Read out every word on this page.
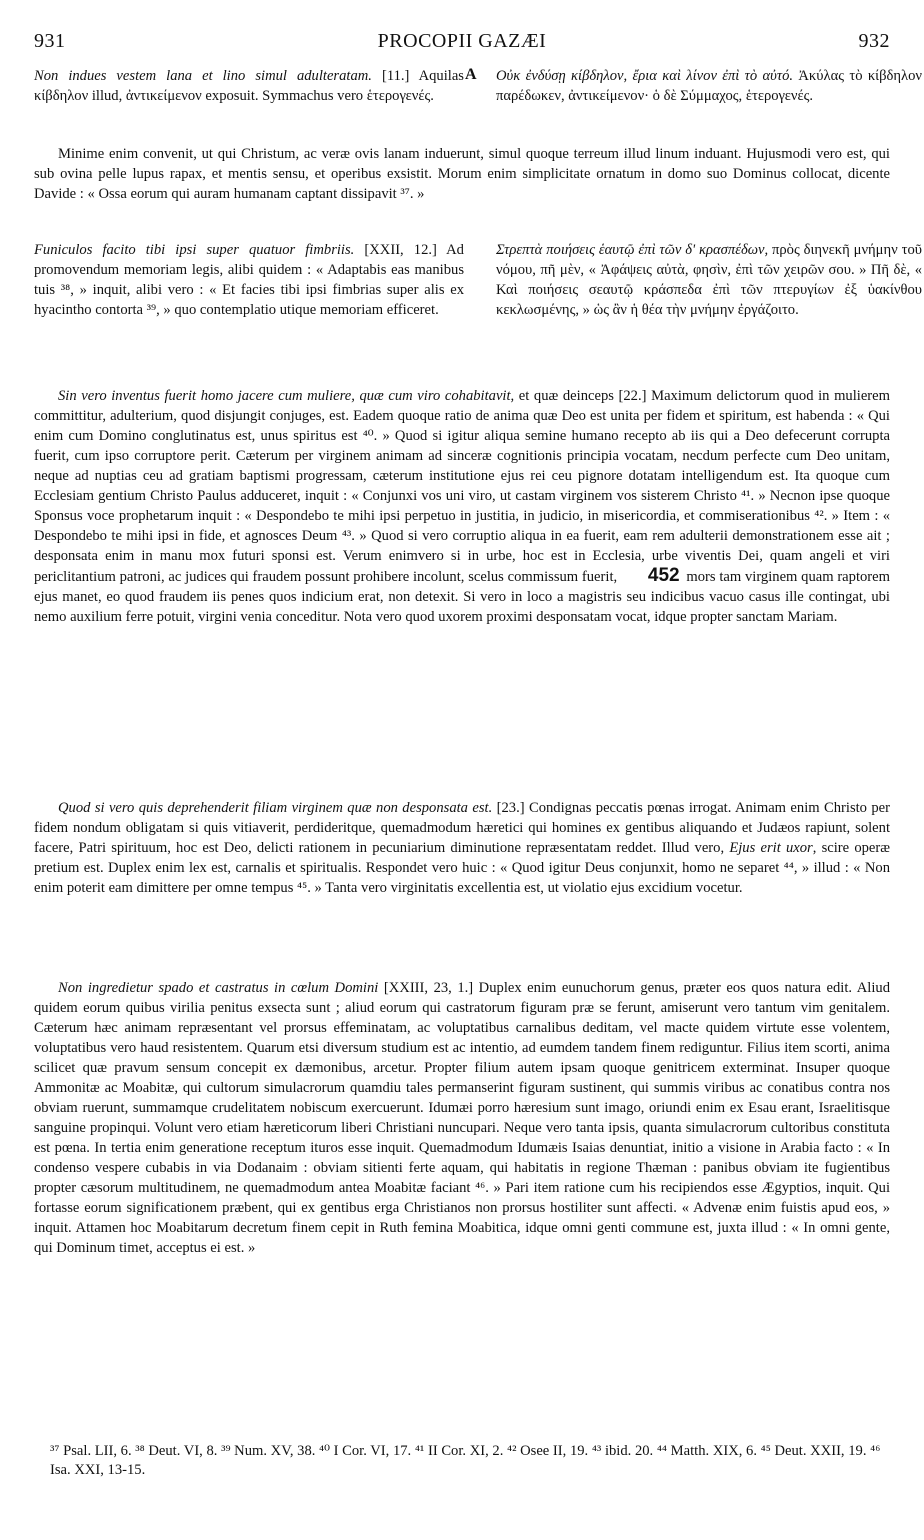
931	PROCOPII GAZÆI	932
Non indues vestem lana et lino simul adulteratam. [11.] Aquilas κίβδηλον illud, ἀντικείμενον exposuit. Symmachus vero ἑτερογενές.
A Οὐκ ἐνδύσῃ κίβδηλον, ἔρια καὶ λίνον ἐπὶ τὸ αὐτό. Ἀκύλας τὸ κίβδηλον παρέδωκεν, ἀντικείμενον· ὁ δὲ Σύμμαχος, ἑτερογενές.
Minime enim convenit, ut qui Christum, ac veræ ovis lanam induerunt, simul quoque terreum illud linum induant. Hujusmodi vero est, qui sub ovina pelle lupus rapax, et mentis sensu, et operibus exsistit. Morum enim simplicitate ornatum in domo suo Dominus collocat, dicente Davide : « Ossa eorum qui auram humanam captant dissipavit ³⁷. »
Funiculos facito tibi ipsi super quatuor fimbriis. [XXII, 12.] Ad promovendum memoriam legis, alibi quidem : « Adaptabis eas manibus tuis ³⁸, » inquit, alibi vero : « Et facies tibi ipsi fimbrias super alis ex hyacintho contorta ³⁹, » quo contemplatio utique memoriam efficeret.
Στρεπτὰ ποιήσεις ἑαυτῷ ἐπὶ τῶν δ' κρασπέδων, πρὸς διηνεκῆ μνήμην τοῦ νόμου, πῆ μὲν, « Ἀφάψεις αὐτὰ, φησὶν, ἐπὶ τῶν χειρῶν σου. » Πῆ δὲ, « Καὶ ποιήσεις σεαυτῷ κράσπεδα ἐπὶ τῶν πτερυγίων ἐξ ὑακίνθου κεκλωσμένης, » ὡς ἂν ἡ θέα τὴν μνήμην ἐργάζοιτο.
Sin vero inventus fuerit homo jacere cum muliere, quæ cum viro cohabitavit, et quæ deinceps [22.] Maximum delictorum quod in mulierem committitur, adulterium, quod disjungit conjuges, est. Eadem quoque ratio de anima quæ Deo est unita per fidem et spiritum, est habenda : « Qui enim cum Domino conglutinatus est, unus spiritus est ⁴⁰. » Quod si igitur aliqua semine humano recepto ab iis qui a Deo defecerunt corrupta fuerit, cum ipso corruptore perit. Cæterum per virginem animam ad sinceræ cognitionis principia vocatam, necdum perfecte cum Deo unitam, neque ad nuptias ceu ad gratiam baptismi progressam, cæterum institutione ejus rei ceu pignore dotatam intelligendum est. Ita quoque cum Ecclesiam gentium Christo Paulus adduceret, inquit : « Conjunxi vos uni viro, ut castam virginem vos sisterem Christo ⁴¹. » Necnon ipse quoque Sponsus voce prophetarum inquit : « Despondebo te mihi ipsi perpetuo in justitia, in judicio, in misericordia, et commiserationibus ⁴². » Item : « Despondebo te mihi ipsi in fide, et agnosces Deum ⁴³. » Quod si vero corruptio aliqua in ea fuerit, eam rem adulterii demonstrationem esse ait ; desponsata enim in manu mox futuri sponsi est. Verum enimvero si in urbe, hoc est in Ecclesia, urbe viventis Dei, quam angeli et viri periclitantium patroni, ac judices qui fraudem possunt prohibere incolunt, scelus commissum fuerit, 452 mors tam virginem quam raptorem ejus manet, eo quod fraudem iis penes quos indicium erat, non detexit. Si vero in loco a magistris seu indicibus vacuo casus ille contingat, ubi nemo auxilium ferre potuit, virgini venia conceditur. Nota vero quod uxorem proximi desponsatam vocat, idque propter sanctam Mariam.
Quod si vero quis deprehenderit filiam virginem quæ non desponsata est. [23.] Condignas peccatis pœnas irrogat. Animam enim Christo per fidem nondum obligatam si quis vitiaverit, perdideritque, quemadmodum hæretici qui homines ex gentibus aliquando et Judæos rapiunt, solent facere, Patri spirituum, hoc est Deo, delicti rationem in pecuniarium diminutione repræsentatam reddet. Illud vero, Ejus erit uxor, scire operæ pretium est. Duplex enim lex est, carnalis et spiritualis. Respondet vero huic : « Quod igitur Deus conjunxit, homo ne separet ⁴⁴, » illud : « Non enim poterit eam dimittere per omne tempus ⁴⁵. » Tanta vero virginitatis excellentia est, ut violatio ejus excidium vocetur.
Non ingredietur spado et castratus in cœlum Domini [XXIII, 23, 1.] Duplex enim eunuchorum genus, præter eos quos natura edit. Aliud quidem eorum quibus virilia penitus exsecta sunt ; aliud eorum qui castratorum figuram præ se ferunt, amiserunt vero tantum vim genitalem. Cæterum hæc animam repræsentant vel prorsus effeminatam, ac voluptatibus carnalibus deditam, vel macte quidem virtute esse volentem, voluptatibus vero haud resistentem. Quarum etsi diversum studium est ac intentio, ad eumdem tandem finem rediguntur. Filius item scorti, anima scilicet quæ pravum sensum concepit ex dæmonibus, arcetur. Propter filium autem ipsam quoque genitricem exterminat. Insuper quoque Ammonitæ ac Moabitæ, qui cultorum simulacrorum quamdiu tales permanserint figuram sustinent, qui summis viribus ac conatibus contra nos obviam ruerunt, summamque crudelitatem nobiscum exercuerunt. Idumæi porro hæresium sunt imago, oriundi enim ex Esau erant, Israelitisque sanguine propinqui. Volunt vero etiam hæreticorum liberi Christiani nuncupari. Neque vero tanta ipsis, quanta simulacrorum cultoribus constituta est pœna. In tertia enim generatione receptum ituros esse inquit. Quemadmodum Idumæis Isaias denuntiat, initio a visione in Arabia facto : « In condenso vespere cubabis in via Dodanaim : obviam sitienti ferte aquam, qui habitatis in regione Thæman : panibus obviam ite fugientibus propter cæsorum multitudinem, ne quemadmodum antea Moabitæ faciant ⁴⁶. » Pari item ratione cum his recipiendos esse Ægyptios, inquit. Qui fortasse eorum significationem præbent, qui ex gentibus erga Christianos non prorsus hostiliter sunt affecti. « Advenæ enim fuistis apud eos, » inquit. Attamen hoc Moabitarum decretum finem cepit in Ruth femina Moabitica, idque omni genti commune est, juxta illud : « In omni gente, qui Dominum timet, acceptus ei est. »
³⁷ Psal. LII, 6. ³⁸ Deut. VI, 8. ³⁹ Num. XV, 38. ⁴⁰ I Cor. VI, 17. ⁴¹ II Cor. XI, 2. ⁴² Osee II, 19. ⁴³ ibid. 20. ⁴⁴ Matth. XIX, 6. ⁴⁵ Deut. XXII, 19. ⁴⁶ Isa. XXI, 13-15.
